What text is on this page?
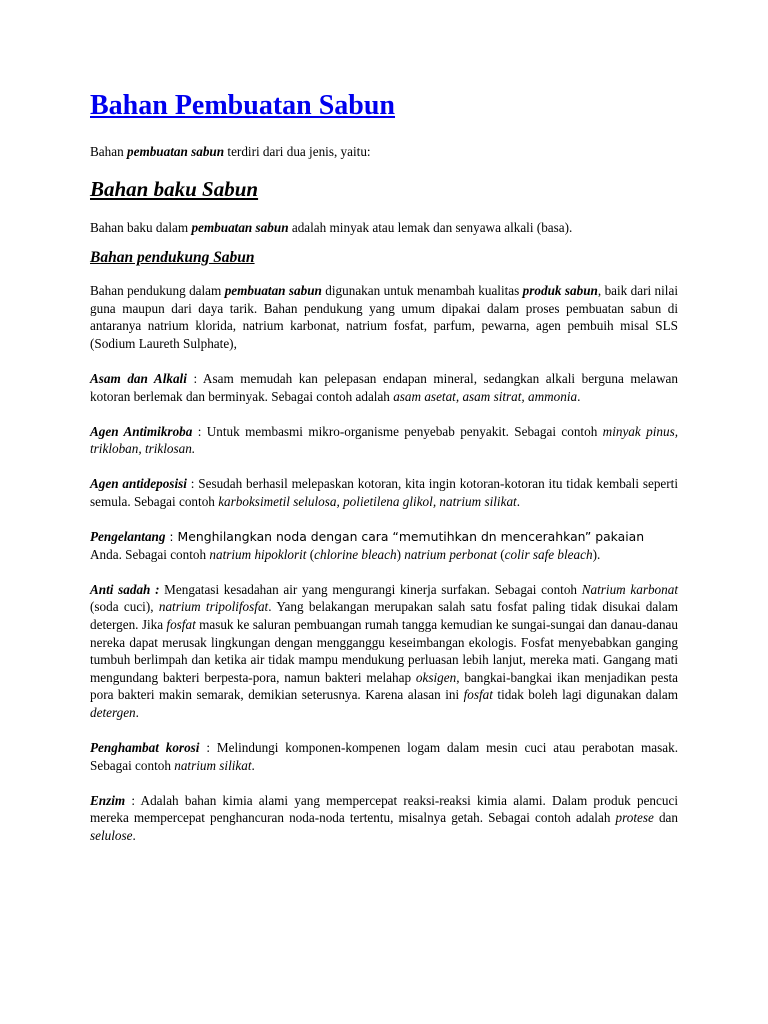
Bahan Pembuatan Sabun

Bahan pembuatan sabun terdiri dari dua jenis, yaitu:

Bahan baku Sabun

Bahan baku dalam pembuatan sabun adalah minyak atau lemak dan senyawa alkali (basa).

Bahan pendukung Sabun

Bahan pendukung dalam pembuatan sabun digunakan untuk menambah kualitas produk sabun, baik dari nilai guna maupun dari daya tarik. Bahan pendukung yang umum dipakai dalam proses pembuatan sabun di antaranya natrium klorida, natrium karbonat, natrium fosfat, parfum, pewarna, agen pembuih misal SLS (Sodium Laureth Sulphate),

Asam dan Alkali : Asam memudah kan pelepasan endapan mineral, sedangkan alkali berguna melawan kotoran berlemak dan berminyak. Sebagai contoh adalah asam asetat, asam sitrat, ammonia.

Agen Antimikroba : Untuk membasmi mikro-organisme penyebab penyakit. Sebagai contoh minyak pinus, trikloban, triklosan.

Agen antideposisi : Sesudah berhasil melepaskan kotoran, kita ingin kotoran-kotoran itu tidak kembali seperti semula. Sebagai contoh karboksimetil selulosa, polietilena glikol, natrium silikat.

Pengelantang : Menghilangkan noda dengan cara “memutihkan dn mencerahkan” pakaian
Anda. Sebagai contoh natrium hipoklorit (chlorine bleach) natrium perbonat (colir safe bleach).

Anti sadah : Mengatasi kesadahan air yang mengurangi kinerja surfakan. Sebagai contoh Natrium karbonat (soda cuci), natrium tripolifosfat. Yang belakangan merupakan salah satu fosfat paling tidak disukai dalam detergen. Jika fosfat masuk ke saluran pembuangan rumah tangga kemudian ke sungai-sungai dan danau-danau nereka dapat merusak lingkungan dengan mengganggu keseimbangan ekologis. Fosfat menyebabkan ganging tumbuh berlimpah dan ketika air tidak mampu mendukung perluasan lebih lanjut, mereka mati. Gangang mati mengundang bakteri berpesta-pora, namun bakteri melahap oksigen, bangkai-bangkai ikan menjadikan pesta pora bakteri makin semarak, demikian seterusnya. Karena alasan ini fosfat tidak boleh lagi digunakan dalam detergen.

Penghambat korosi : Melindungi komponen-kompenen logam dalam mesin cuci atau perabotan masak. Sebagai contoh natrium silikat.

Enzim : Adalah bahan kimia alami yang mempercepat reaksi-reaksi kimia alami. Dalam produk pencuci mereka mempercepat penghancuran noda-noda tertentu, misalnya getah. Sebagai contoh adalah protese dan selulose.
